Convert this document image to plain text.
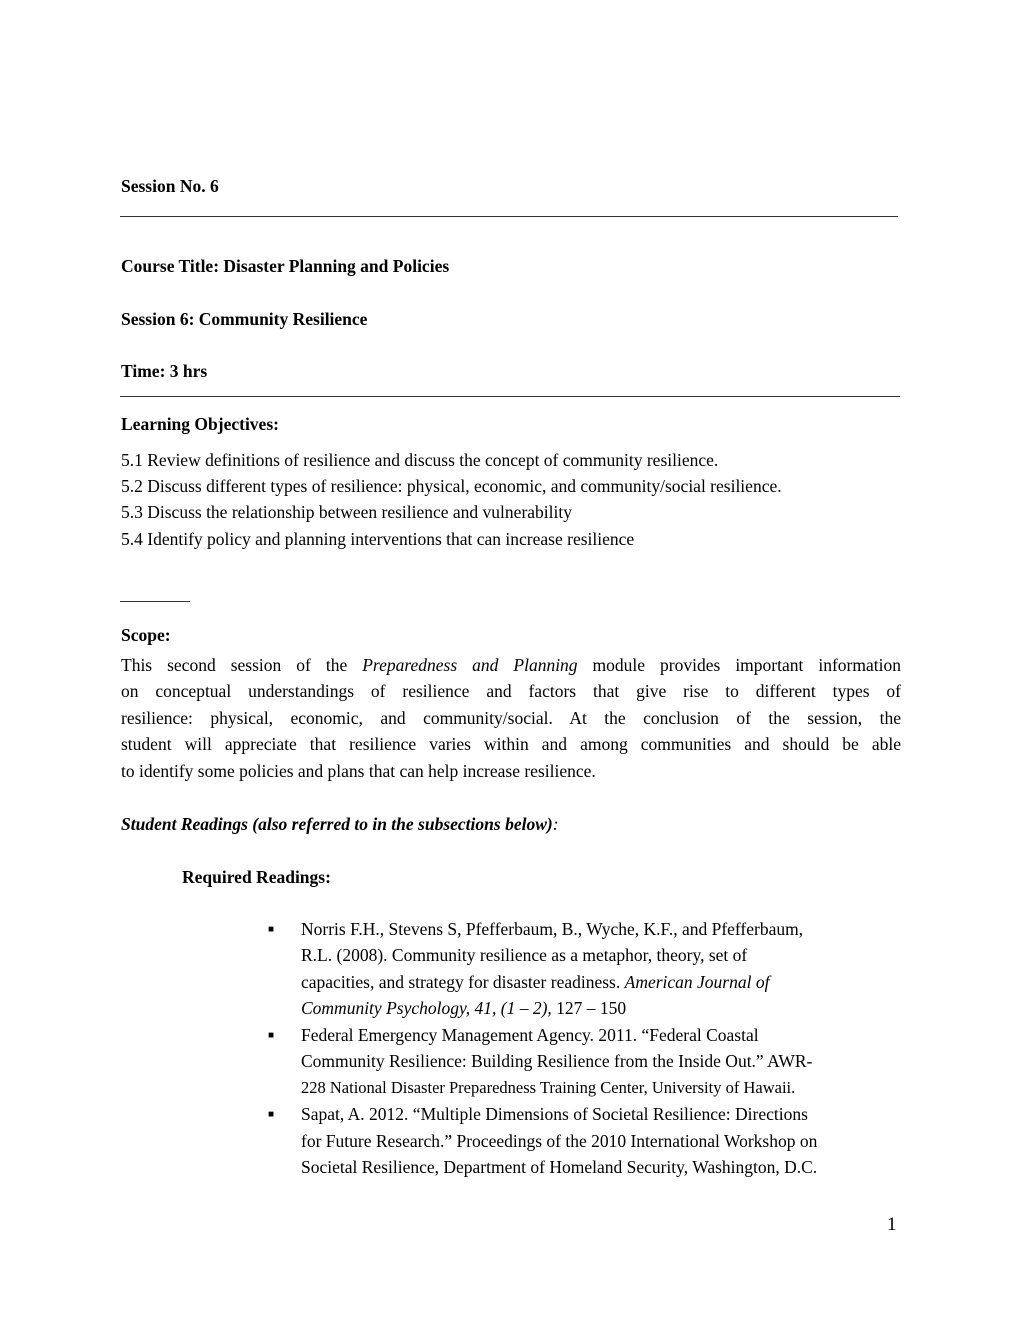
Session No. 6
Course Title: Disaster Planning and Policies
Session 6: Community Resilience
Time: 3 hrs
Learning Objectives:
5.1 Review definitions of resilience and discuss the concept of community resilience.
5.2 Discuss different types of resilience: physical, economic, and community/social resilience.
5.3 Discuss the relationship between resilience and vulnerability
5.4 Identify policy and planning interventions that can increase resilience
Scope:
This second session of the Preparedness and Planning module provides important information
on conceptual understandings of resilience and factors that give rise to different types of
resilience: physical, economic, and community/social. At the conclusion of the session, the
student will appreciate that resilience varies within and among communities and should be able
to identify some policies and plans that can help increase resilience.
Student Readings (also referred to in the subsections below):
Required Readings:
■ Norris F.H., Stevens S, Pfefferbaum, B., Wyche, K.F., and Pfefferbaum,
R.L. (2008). Community resilience as a metaphor, theory, set of
capacities, and strategy for disaster readiness. American Journal of
Community Psychology, 41, (1 – 2), 127 – 150
■ Federal Emergency Management Agency. 2011. “Federal Coastal
Community Resilience: Building Resilience from the Inside Out.” AWR-
228 National Disaster Preparedness Training Center, University of Hawaii.
■ Sapat, A. 2012. “Multiple Dimensions of Societal Resilience: Directions
for Future Research.” Proceedings of the 2010 International Workshop on
Societal Resilience, Department of Homeland Security, Washington, D.C.
1
